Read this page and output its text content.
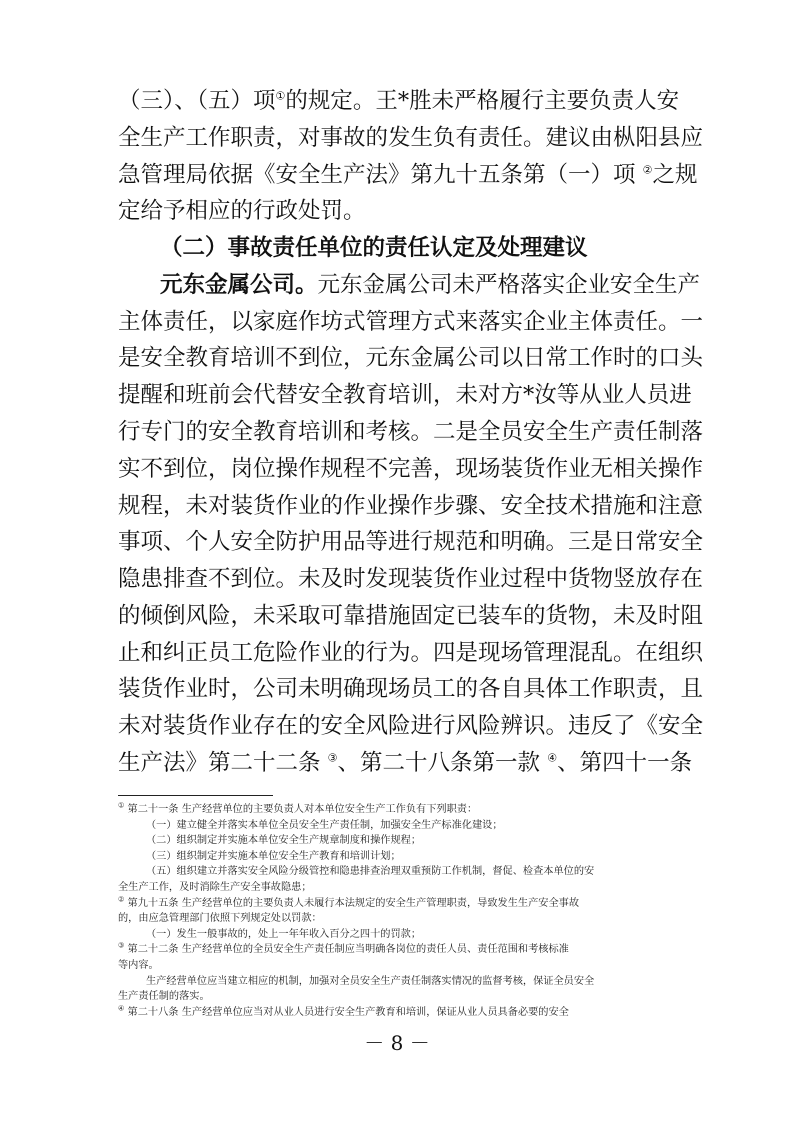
（三）、（五）项①的规定。王*胜未严格履行主要负责人安
全生产工作职责，对事故的发生负有责任。建议由枞阳县应
急管理局依据《安全生产法》第九十五条第（一）项 ②之规
定给予相应的行政处罚。
（二）事故责任单位的责任认定及处理建议
元东金属公司。元东金属公司未严格落实企业安全生产
主体责任，以家庭作坊式管理方式来落实企业主体责任。一
是安全教育培训不到位，元东金属公司以日常工作时的口头
提醒和班前会代替安全教育培训，未对方*汝等从业人员进
行专门的安全教育培训和考核。二是全员安全生产责任制落
实不到位，岗位操作规程不完善，现场装货作业无相关操作
规程，未对装货作业的作业操作步骤、安全技术措施和注意
事项、个人安全防护用品等进行规范和明确。三是日常安全
隐患排查不到位。未及时发现装货作业过程中货物竖放存在
的倾倒风险，未采取可靠措施固定已装车的货物，未及时阻
止和纠正员工危险作业的行为。四是现场管理混乱。在组织
装货作业时，公司未明确现场员工的各自具体工作职责，且
未对装货作业存在的安全风险进行风险辨识。违反了《安全
生产法》第二十二条 ③、第二十八条第一款 ④、第四十一条
－ 8 －
① 第二十一条 生产经营单位的主要负责人对本单位安全生产工作负有下列职责：
（一）建立健全并落实本单位全员安全生产责任制，加强安全生产标准化建设；
（二）组织制定并实施本单位安全生产规章制度和操作规程；
（三）组织制定并实施本单位安全生产教育和培训计划；
（五）组织建立并落实安全风险分级管控和隐患排查治理双重预防工作机制，督促、检查本单位的安
全生产工作，及时消除生产安全事故隐患；
② 第九十五条 生产经营单位的主要负责人未履行本法规定的安全生产管理职责，导致发生生产安全事故
的，由应急管理部门依照下列规定处以罚款：
（一）发生一般事故的，处上一年年收入百分之四十的罚款；
③ 第二十二条 生产经营单位的全员安全生产责任制应当明确各岗位的责任人员、责任范围和考核标准
等内容。
生产经营单位应当建立相应的机制，加强对全员安全生产责任制落实情况的监督考核，保证全员安全
生产责任制的落实。
④ 第二十八条 生产经营单位应当对从业人员进行安全生产教育和培训，保证从业人员具备必要的安全
